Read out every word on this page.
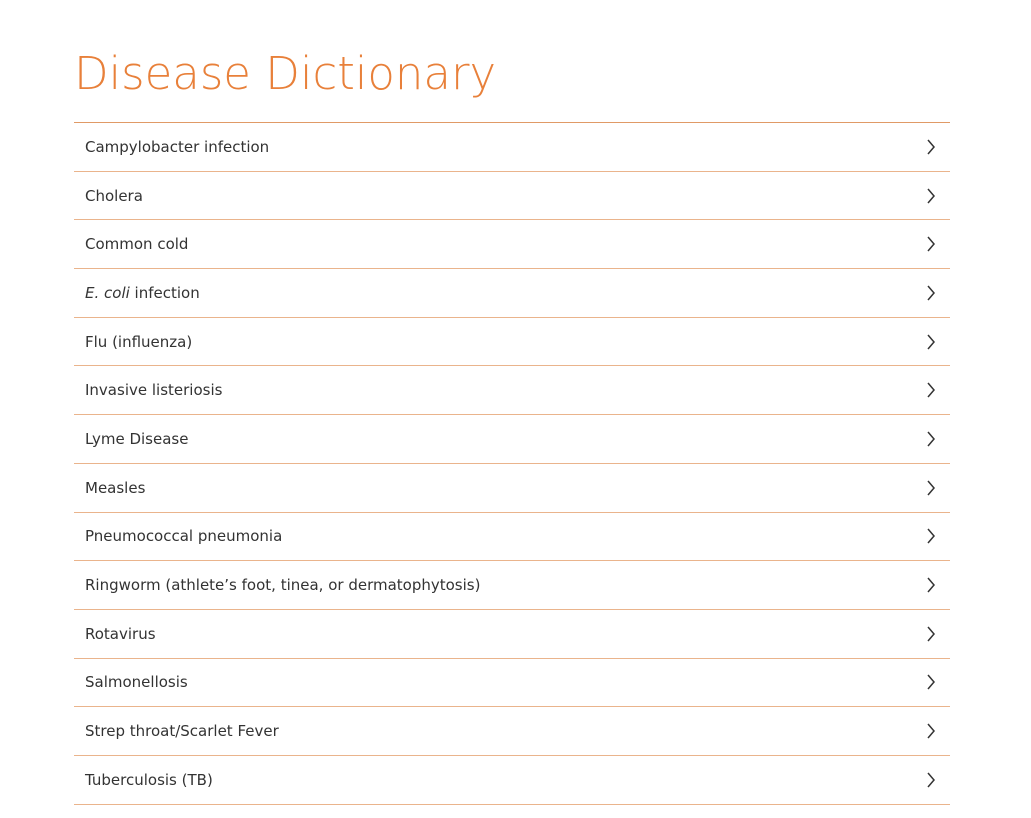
Disease Dictionary
Campylobacter infection
Cholera
Common cold
E. coli infection
Flu (influenza)
Invasive listeriosis
Lyme Disease
Measles
Pneumococcal pneumonia
Ringworm (athlete’s foot, tinea, or dermatophytosis)
Rotavirus
Salmonellosis
Strep throat/Scarlet Fever
Tuberculosis (TB)
